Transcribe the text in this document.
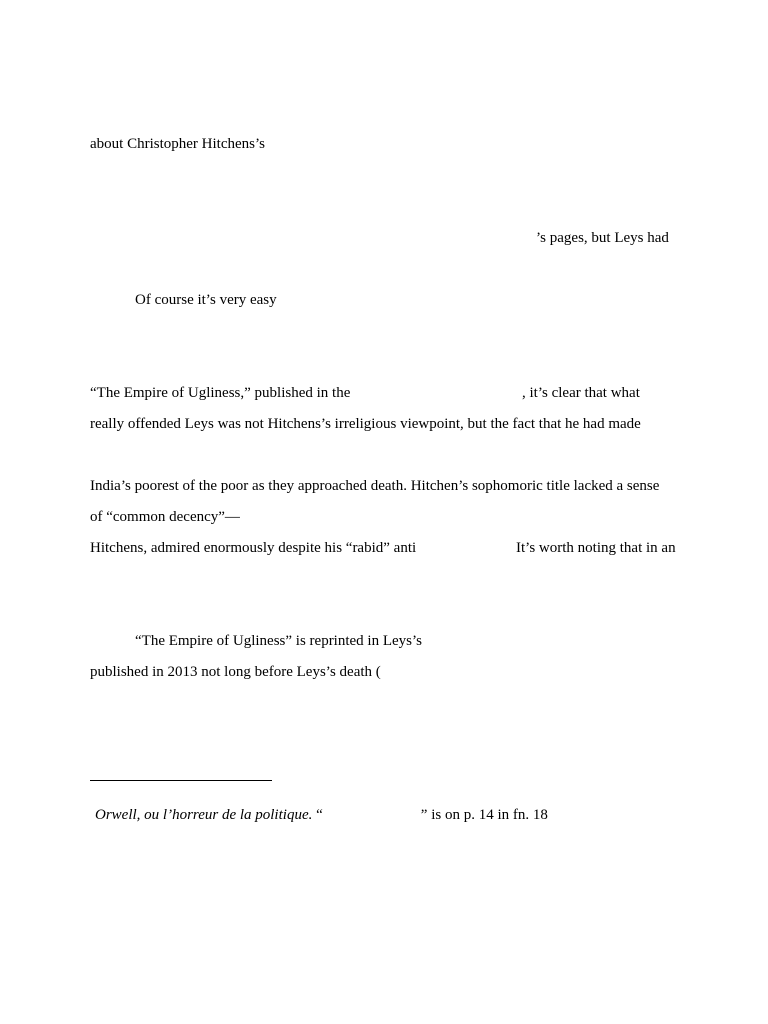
about Christopher Hitchens’s
’s pages, but Leys had
Of course it’s very easy
“The Empire of Ugliness,” published in the	, it’s clear that what
really offended Leys was not Hitchens’s irreligious viewpoint, but the fact that he had made
India’s poorest of the poor as they approached death. Hitchen’s sophomoric title lacked a sense
of “common decency”—
Hitchens, admired enormously despite his “rabid” anti	It’s worth noting that in an
“The Empire of Ugliness” is reprinted in Leys’s
published in 2013 not long before Leys’s death (
Orwell, ou l’horreur de la politique. “	” is on p. 14 in fn. 18
